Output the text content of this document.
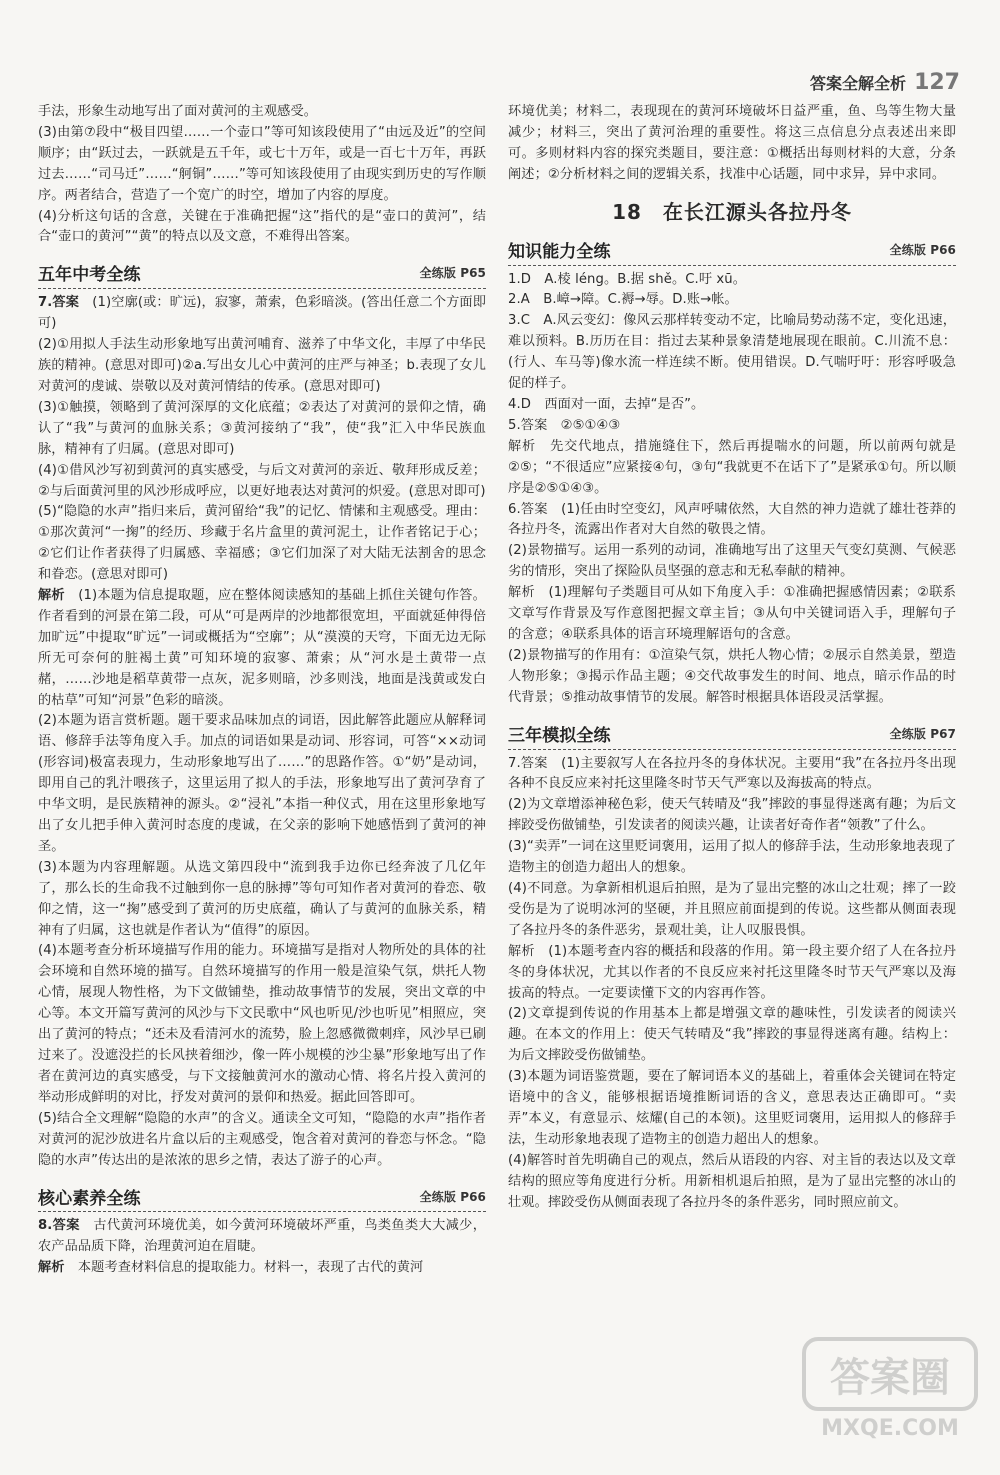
答案全解全析 127

手法，形象生动地写出了面对黄河的主观感受。

(3)由第⑦段中“极目四望……一个壶口”等可知该段使用了“由远及近”的空间顺序；由“跃过去，一跃就是五千年，或七十万年，或是一百七十万年，再跃过去……“司马迁”……“舸铜”……”等可知该段使用了由现实到历史的写作顺序。两者结合，营造了一个宽广的时空，增加了内容的厚度。

(4)分析这句话的含意，关键在于准确把握“这”指代的是“壶口的黄河”，结合“壶口的黄河”“黄”的特点以及文意，不难得出答案。

五年中考全练	全练版 P65

7.答案　 (1)空廓(或：旷远)，寂寥，萧索，色彩暗淡。(答出任意二个方面即可)

(2)①用拟人手法生动形象地写出黄河哺育、滋养了中华文化，丰厚了中华民族的精神。(意思对即可)②a.写出女儿心中黄河的庄严与神圣；b.表现了女儿对黄河的虔诚、崇敬以及对黄河情结的传承。(意思对即可)

(3)①触摸，领略到了黄河深厚的文化底蕴；②表达了对黄河的景仰之情，确认了“我”与黄河的血脉关系；③黄河接纳了“我”，使“我”汇入中华民族血脉，精神有了归属。(意思对即可)

(4)①借风沙写初到黄河的真实感受，与后文对黄河的亲近、敬拜形成反差；②与后面黄河里的风沙形成呼应，以更好地表达对黄河的炽爱。(意思对即可)

(5)“隐隐的水声”指归来后，黄河留给“我”的记忆、情愫和主观感受。理由：①那次黄河“一掬”的经历、珍藏于名片盒里的黄河泥土，让作者铭记于心；②它们让作者获得了归属感、幸福感；③它们加深了对大陆无法割舍的思念和眷恋。(意思对即可)

解析　 (1)本题为信息提取题，应在整体阅读感知的基础上抓住关键句作答。作者看到的河景在第二段，可从“可是两岸的沙地都很宽坦，平面就延伸得倍加旷远”中提取“旷远”一词或概括为“空廓”；从“漠漠的天穹，下面无边无际所无可奈何的脏褐土黄”可知环境的寂寥、萧索；从“河水是土黄带一点赭，……沙地是稻草黄带一点灰，泥多则暗，沙多则浅，地面是浅黄或发白的枯草”可知“河景”色彩的暗淡。

(2)本题为语言赏析题。题干要求品味加点的词语，因此解答此题应从解释词语、修辞手法等角度入手。加点的词语如果是动词、形容词，可答“××动词(形容词)极富表现力，生动形象地写出了……”的思路作答。①“奶”是动词，即用自己的乳汁喂孩子，这里运用了拟人的手法，形象地写出了黄河孕育了中华文明，是民族精神的源头。②“浸礼”本指一种仪式，用在这里形象地写出了女儿把手伸入黄河时态度的虔诚，在父亲的影响下她感悟到了黄河的神圣。

(3)本题为内容理解题。从选文第四段中“流到我手边你已经奔波了几亿年了，那么长的生命我不过触到你一息的脉搏”等句可知作者对黄河的眷恋、敬仰之情，这一“掬”感受到了黄河的历史底蕴，确认了与黄河的血脉关系，精神有了归属，这也就是作者认为“值得”的原因。

(4)本题考查分析环境描写作用的能力。环境描写是指对人物所处的具体的社会环境和自然环境的描写。自然环境描写的作用一般是渲染气氛，烘托人物心情，展现人物性格，为下文做铺垫，推动故事情节的发展，突出文章的中心等。本文开篇写黄河的风沙与下文民歌中“风也听见/沙也听见”相照应，突出了黄河的特点；“还未及看清河水的流势，脸上忽感微微刺痒，风沙早已刷过来了。没遮没拦的长风挟着细沙，像一阵小规模的沙尘暴”形象地写出了作者在黄河边的真实感受，与下文接触黄河水的激动心情、将名片投入黄河的举动形成鲜明的对比，抒发对黄河的景仰和热爱。据此回答即可。

(5)结合全文理解“隐隐的水声”的含义。通读全文可知，“隐隐的水声”指作者对黄河的泥沙放进名片盒以后的主观感受，饱含着对黄河的眷恋与怀念。“隐隐的水声”传达出的是浓浓的思乡之情，表达了游子的心声。

核心素养全练	全练版 P66

8.答案　 古代黄河环境优美，如今黄河环境破坏严重，鸟类鱼类大大减少，农产品品质下降，治理黄河迫在眉睫。

解析　 本题考查材料信息的提取能力。材料一，表现了古代的黄河

环境优美；材料二，表现现在的黄河环境破坏日益严重，鱼、鸟等生物大量减少；材料三，突出了黄河治理的重要性。将这三点信息分点表述出来即可。多则材料内容的探究类题目，要注意：①概括出每则材料的大意，分条阐述；②分析材料之间的逻辑关系，找准中心话题，同中求异，异中求同。

18　在长江源头各拉丹冬
知识能力全练	全练版 P66

1.D　A.棱 léng。B.据 shě。C.吁 xū。

2.A　B.嶂→障。C.褥→辱。D.账→帐。

3.C　A.风云变幻：像风云那样转变动不定，比喻局势动荡不定，变化迅速，难以预料。B.历历在目：指过去某种景象清楚地展现在眼前。C.川流不息：(行人、车马等)像水流一样连续不断。使用错误。D.气喘吁吁：形容呼吸急促的样子。

4.D　西面对一面，去掉“是否”。

5.答案　②⑤①④③

解析　先交代地点，措施缝住下，然后再提喘水的问题，所以前两句就是②⑤；“不很适应”应紧接④句，③句“我就更不在话下了”是紧承①句。所以顺序是②⑤①④③。

6.答案　(1)任由时空变幻，风声呼啸依然，大自然的神力造就了雄壮苍莽的各拉丹冬，流露出作者对大自然的敬畏之情。

(2)景物描写。运用一系列的动词，准确地写出了这里天气变幻莫测、气候恶劣的情形，突出了探险队员坚强的意志和无私奉献的精神。

解析　(1)理解句子类题目可从如下角度入手：①准确把握感情因素；②联系文章写作背景及写作意图把握文章主旨；③从句中关键词语入手，理解句子的含意；④联系具体的语言环境理解语句的含意。

(2)景物描写的作用有：①渲染气氛，烘托人物心情；②展示自然美景，塑造人物形象；③揭示作品主题；④交代故事发生的时间、地点，暗示作品的时代背景；⑤推动故事情节的发展。解答时根据具体语段灵活掌握。

三年模拟全练	全练版 P67

7.答案　(1)主要叙写人在各拉丹冬的身体状况。主要用“我”在各拉丹冬出现各种不良反应来衬托这里隆冬时节天气严寒以及海拔高的特点。

(2)为文章增添神秘色彩，使天气转晴及“我”摔跤的事显得迷离有趣；为后文摔跤受伤做铺垫，引发读者的阅读兴趣，让读者好奇作者“领教”了什么。

(3)“卖弄”一词在这里贬词褒用，运用了拟人的修辞手法，生动形象地表现了造物主的创造力超出人的想象。

(4)不同意。为拿新相机退后拍照，是为了显出完整的冰山之壮观；摔了一跤受伤是为了说明冰河的坚硬，并且照应前面提到的传说。这些都从侧面表现了各拉丹冬的条件恶劣，景观壮美，让人叹服畏惧。

解析　(1)本题考查内容的概括和段落的作用。第一段主要介绍了人在各拉丹冬的身体状况，尤其以作者的不良反应来衬托这里隆冬时节天气严寒以及海拔高的特点。一定要读懂下文的内容再作答。

(2)文章提到传说的作用基本上都是增强文章的趣味性，引发读者的阅读兴趣。在本文的作用上：使天气转晴及“我”摔跤的事显得迷离有趣。结构上：为后文摔跤受伤做铺垫。

(3)本题为词语鉴赏题，要在了解词语本义的基础上，着重体会关键词在特定语境中的含义，能够根据语境推断词语的含义，意思表达正确即可。“卖弄”本义，有意显示、炫耀(自己的本领)。这里贬词褒用，运用拟人的修辞手法，生动形象地表现了造物主的创造力超出人的想象。

(4)解答时首先明确自己的观点，然后从语段的内容、对主旨的表达以及文章结构的照应等角度进行分析。用新相机退后拍照，是为了显出完整的冰山的壮观。摔跤受伤从侧面表现了各拉丹冬的条件恶劣，同时照应前文。

答案圈
MXQE.COM
